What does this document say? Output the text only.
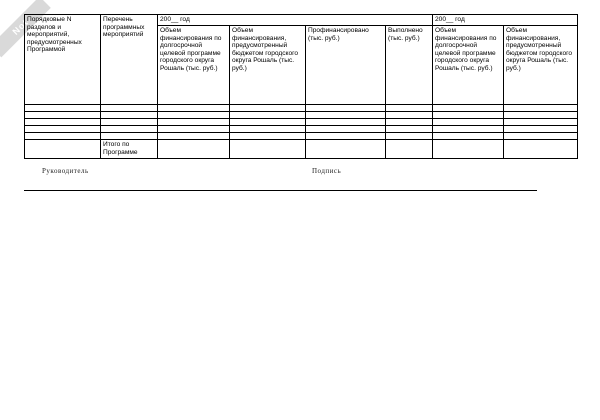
Not
Порядковые N разделов и мероприятий, предусмотренных Программой	Перечень программных мероприятий	200__ год				200__ год	
		Объем финансирования по долгосрочной целевой программе городского округа Рошаль (тыс. руб.)	Объем финансирования, предусмотренный бюджетом городского округа Рошаль (тыс. руб.)	Профинансировано (тыс. руб.)	Выполнено (тыс. руб.)	Объем финансирования по долгосрочной целевой программе городского округа Рошаль (тыс. руб.)	Объем финансирования, предусмотренный бюджетом городского округа Рошаль (тыс. руб.)

	Итого по Программе						
Руководитель	Подпись
